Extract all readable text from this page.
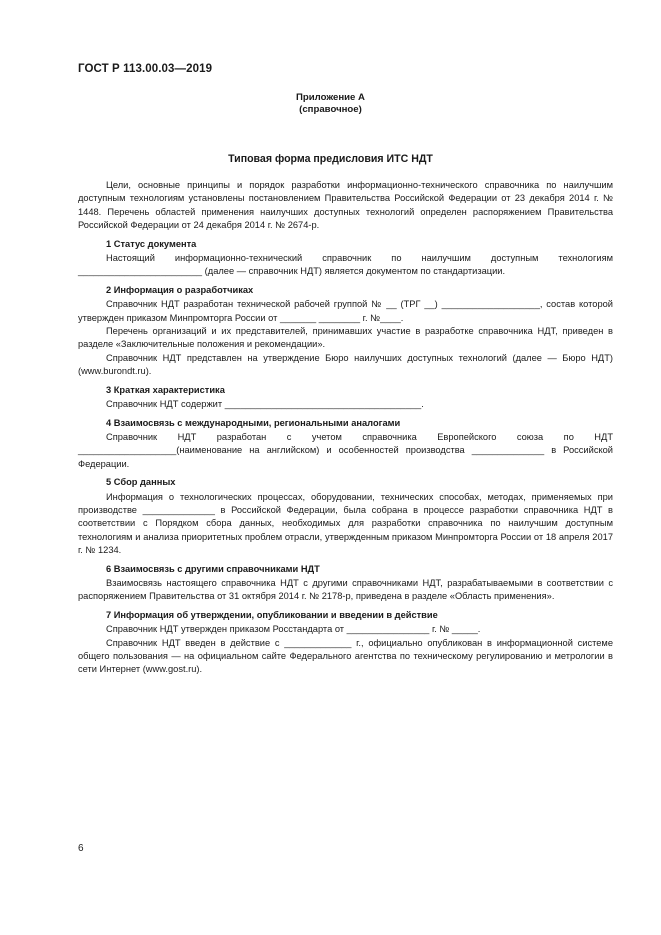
ГОСТ Р 113.00.03—2019
Приложение А
(справочное)
Типовая форма предисловия ИТС НДТ

Цели, основные принципы и порядок разработки информационно-технического справочника по наилучшим доступным технологиям установлены постановлением Правительства Российской Федерации от 23 декабря 2014 г. № 1448. Перечень областей применения наилучших доступных технологий определен распоряжением Правительства Российской Федерации от 24 декабря 2014 г. № 2674-р.

1 Статус документа

Настоящий информационно-технический справочник по наилучшим доступным технологиям ________________________ (далее — справочник НДТ) является документом по стандартизации.

2 Информация о разработчиках

Справочник НДТ разработан технической рабочей группой № __ (ТРГ __) ___________________, состав которой утвержден приказом Минпромторга России от _______ ________ г. №____.

Перечень организаций и их представителей, принимавших участие в разработке справочника НДТ, приведен в разделе «Заключительные положения и рекомендации».

Справочник НДТ представлен на утверждение Бюро наилучших доступных технологий (далее — Бюро НДТ) (www.burondt.ru).

3 Краткая характеристика

Справочник НДТ содержит ______________________________________.

4 Взаимосвязь с международными, региональными аналогами

Справочник НДТ разработан с учетом справочника Европейского союза по НДТ ___________________(наименование на английском) и особенностей производства ______________ в Российской Федерации.

5 Сбор данных

Информация о технологических процессах, оборудовании, технических способах, методах, применяемых при производстве ______________ в Российской Федерации, была собрана в процессе разработки справочника НДТ в соответствии с Порядком сбора данных, необходимых для разработки справочника по наилучшим доступным технологиям и анализа приоритетных проблем отрасли, утвержденным приказом Минпромторга России от 18 апреля 2017 г. № 1234.

6 Взаимосвязь с другими справочниками НДТ

Взаимосвязь настоящего справочника НДТ с другими справочниками НДТ, разрабатываемыми в соответствии с распоряжением Правительства от 31 октября 2014 г. № 2178-р, приведена в разделе «Область применения».

7 Информация об утверждении, опубликовании и введении в действие

Справочник НДТ утвержден приказом Росстандарта от ________________ г. № _____.

Справочник НДТ введен в действие с _____________ г., официально опубликован в информационной системе общего пользования — на официальном сайте Федерального агентства по техническому регулированию и метрологии в сети Интернет (www.gost.ru).

6
